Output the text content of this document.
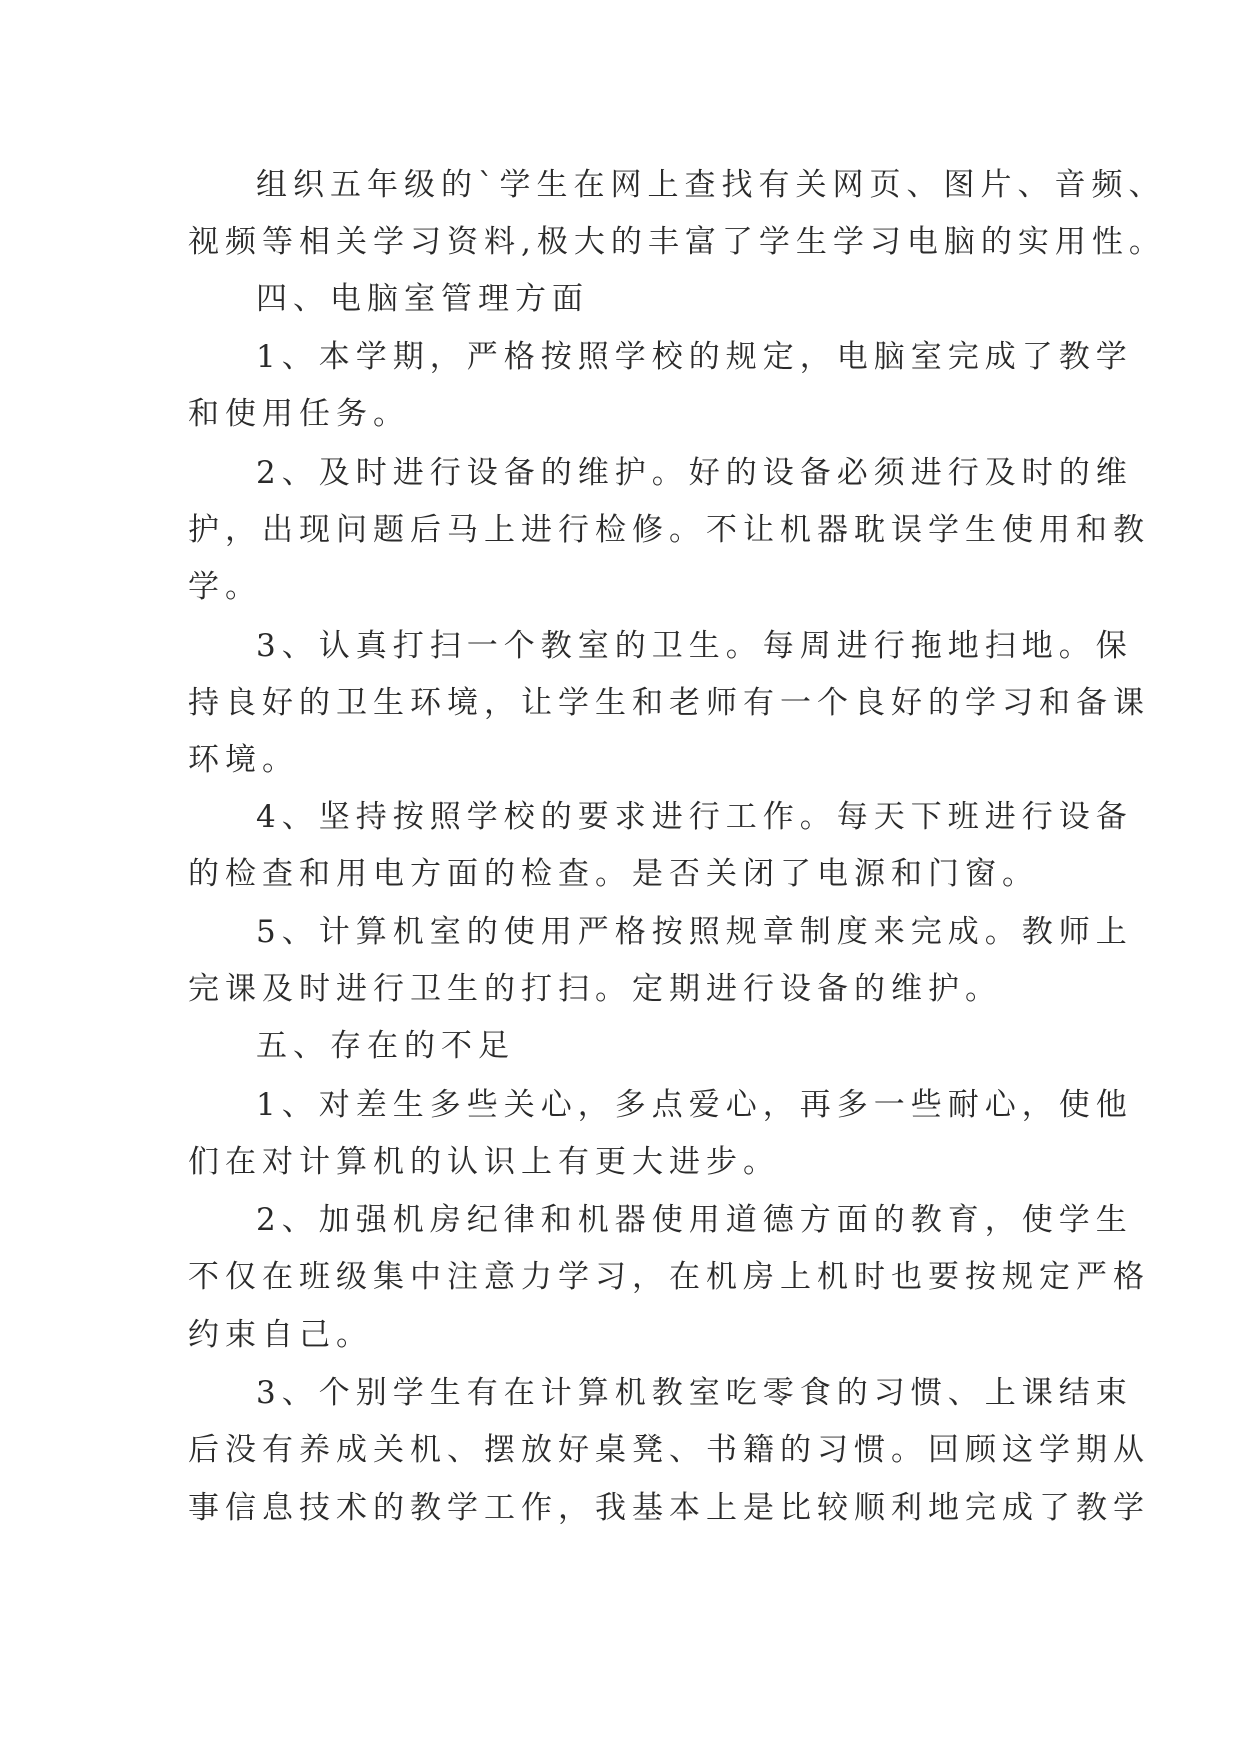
组织五年级的`学生在网上查找有关网页、图片、音频、
视频等相关学习资料,极大的丰富了学生学习电脑的实用性。
四、电脑室管理方面
1、本学期，严格按照学校的规定，电脑室完成了教学
和使用任务。
2、及时进行设备的维护。好的设备必须进行及时的维
护，出现问题后马上进行检修。不让机器耽误学生使用和教
学。
3、认真打扫一个教室的卫生。每周进行拖地扫地。保
持良好的卫生环境，让学生和老师有一个良好的学习和备课
环境。
4、坚持按照学校的要求进行工作。每天下班进行设备
的检查和用电方面的检查。是否关闭了电源和门窗。
5、计算机室的使用严格按照规章制度来完成。教师上
完课及时进行卫生的打扫。定期进行设备的维护。
五、存在的不足
1、对差生多些关心，多点爱心，再多一些耐心，使他
们在对计算机的认识上有更大进步。
2、加强机房纪律和机器使用道德方面的教育，使学生
不仅在班级集中注意力学习，在机房上机时也要按规定严格
约束自己。
3、个别学生有在计算机教室吃零食的习惯、上课结束
后没有养成关机、摆放好桌凳、书籍的习惯。回顾这学期从
事信息技术的教学工作，我基本上是比较顺利地完成了教学
